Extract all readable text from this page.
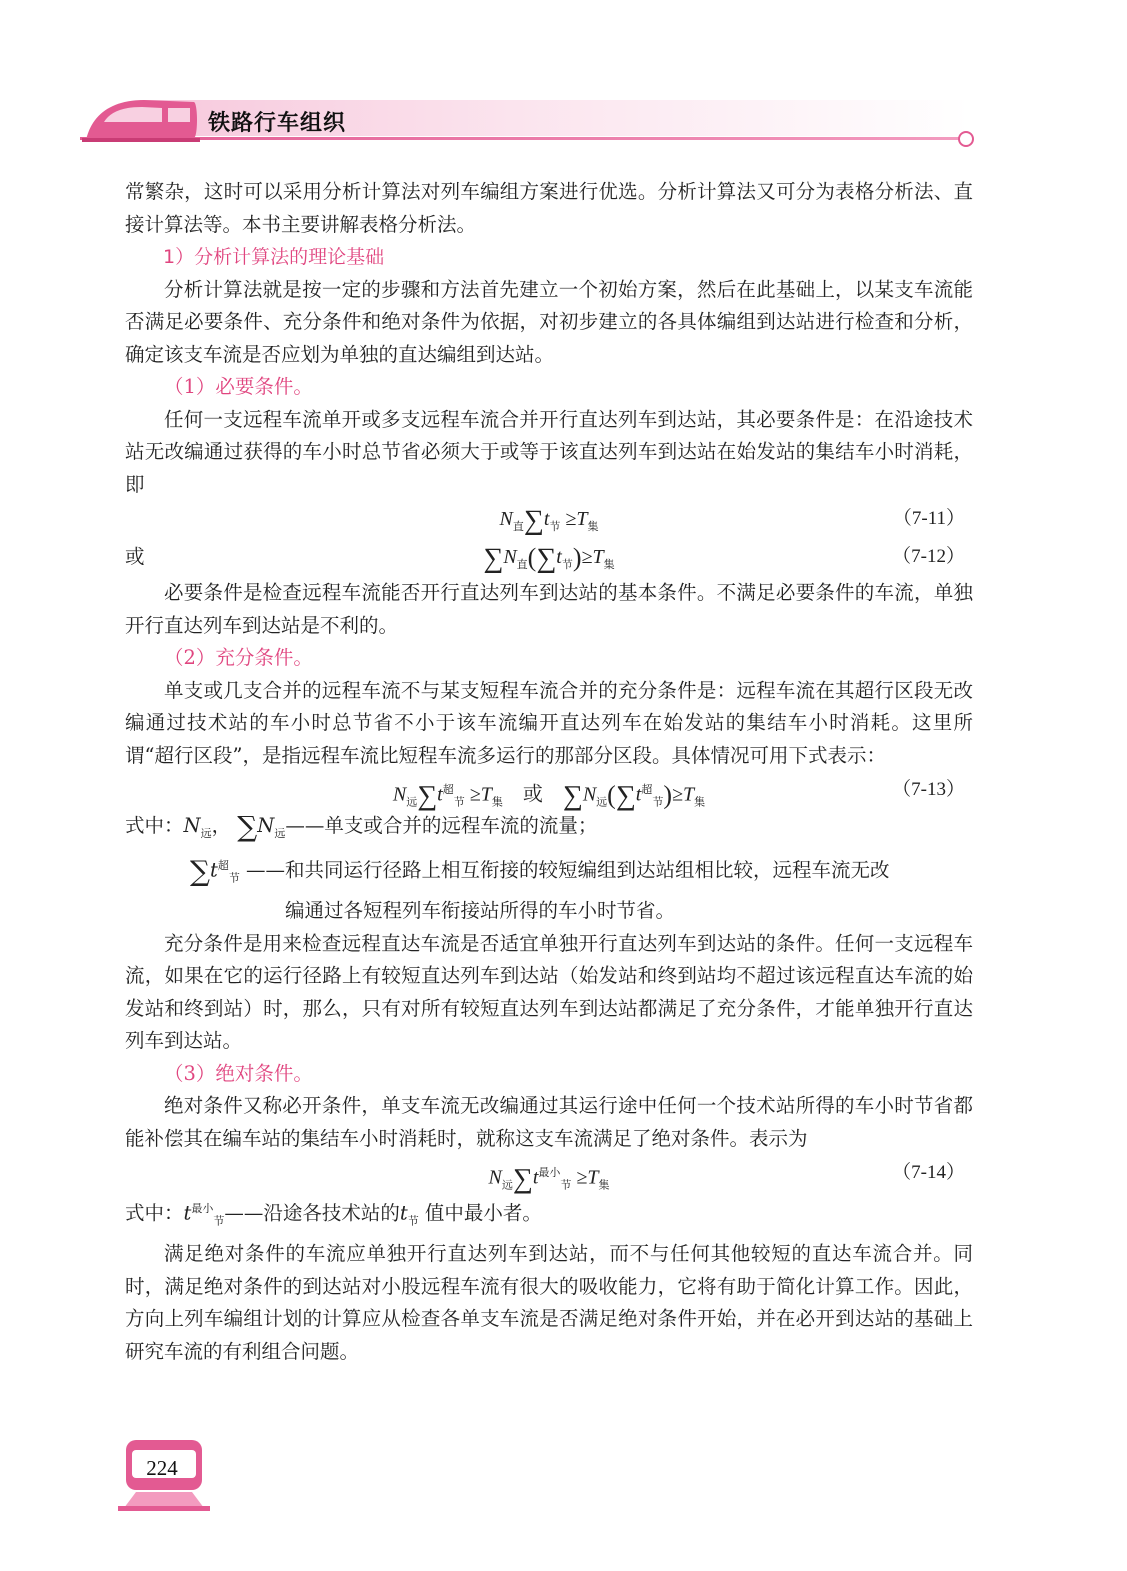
铁路行车组织

常繁杂，这时可以采用分析计算法对列车编组方案进行优选。分析计算法又可分为表格分析法、直接计算法等。本书主要讲解表格分析法。

1）分析计算法的理论基础

分析计算法就是按一定的步骤和方法首先建立一个初始方案，然后在此基础上，以某支车流能否满足必要条件、充分条件和绝对条件为依据，对初步建立的各具体编组到达站进行检查和分析，确定该支车流是否应划为单独的直达编组到达站。

（1）必要条件。

任何一支远程车流单开或多支远程车流合并开行直达列车到达站，其必要条件是：在沿途技术站无改编通过获得的车小时总节省必须大于或等于该直达列车到达站在始发站的集结车小时消耗，即

$N_直\sum t_节 \ge T_集$	（7-11）
或	$\sum N_直(\sum t_节)\ge T_集$	（7-12）

必要条件是检查远程车流能否开行直达列车到达站的基本条件。不满足必要条件的车流，单独开行直达列车到达站是不利的。

（2）充分条件。

单支或几支合并的远程车流不与某支短程车流合并的充分条件是：远程车流在其超行区段无改编通过技术站的车小时总节省不小于该车流编开直达列车在始发站的集结车小时消耗。这里所谓“超行区段”，是指远程车流比短程车流多运行的那部分区段。具体情况可用下式表示：

$N_远\sum t^超_节 \ge T_集$ 或 $\sum N_远(\sum t^超_节)\ge T_集$
（7-13）
式中：$N_远$， $\sum N_远——$单支或合并的远程车流的流量；
$\sum t^超_节$ ——和共同运行径路上相互衔接的较短编组到达站组相比较，远程车流无改
编通过各短程列车衔接站所得的车小时节省。

充分条件是用来检查远程直达车流是否适宜单独开行直达列车到达站的条件。任何一支远程车流，如果在它的运行径路上有较短直达列车到达站（始发站和终到站均不超过该远程直达车流的始发站和终到站）时，那么，只有对所有较短直达列车到达站都满足了充分条件，才能单独开行直达列车到达站。

（3）绝对条件。

绝对条件又称必开条件，单支车流无改编通过其运行途中任何一个技术站所得的车小时节省都能补偿其在编车站的集结车小时消耗时，就称这支车流满足了绝对条件。表示为

$N_远\sum t^{最小}_节 \ge T_集$
（7-14）
式中：$t^{最小}_节——$沿途各技术站的$t_节$ 值中最小者。

满足绝对条件的车流应单独开行直达列车到达站，而不与任何其他较短的直达车流合并。同时，满足绝对条件的到达站对小股远程车流有很大的吸收能力，它将有助于简化计算工作。因此，方向上列车编组计划的计算应从检查各单支车流是否满足绝对条件开始，并在必开到达站的基础上研究车流的有利组合问题。

224
